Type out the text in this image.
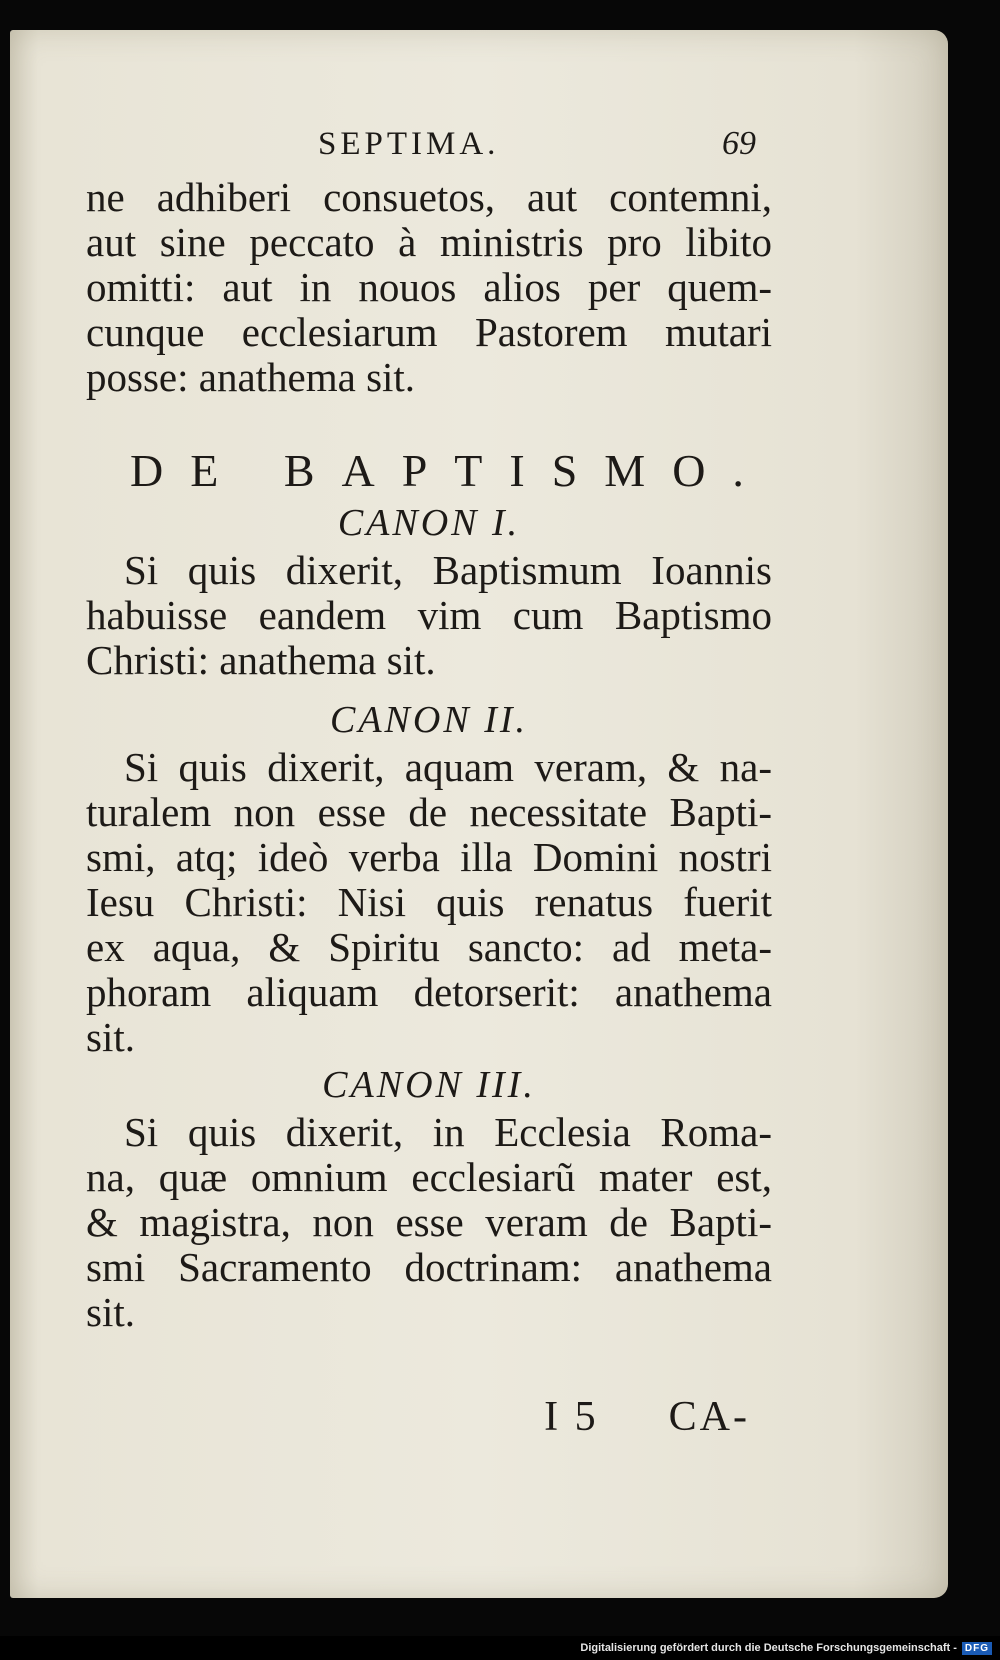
SEPTIMA.	69
ne adhiberi consuetos, aut contemni,
aut sine peccato à ministris pro libito
omitti: aut in nouos alios per quem-
cunque ecclesiarum Pastorem mutari
posse: anathema sit.
DE BAPTISMO.
CANON I.
Si quis dixerit, Baptismum Ioannis
habuisse eandem vim cum Baptismo
Christi: anathema sit.
CANON II.
Si quis dixerit, aquam veram, & na-
turalem non esse de necessitate Bapti-
smi, atq; ideò verba illa Domini nostri
Iesu Christi: Nisi quis renatus fuerit
ex aqua, & Spiritu sancto: ad meta-
phoram aliquam detorserit: anathema
sit.
CANON III.
Si quis dixerit, in Ecclesia Roma-
na, quæ omnium ecclesiarũ mater est,
& magistra, non esse veram de Bapti-
smi Sacramento doctrinam: anathema
sit.
I 5 CA-
Digitalisierung gefördert durch die Deutsche Forschungsgemeinschaft - DFG
